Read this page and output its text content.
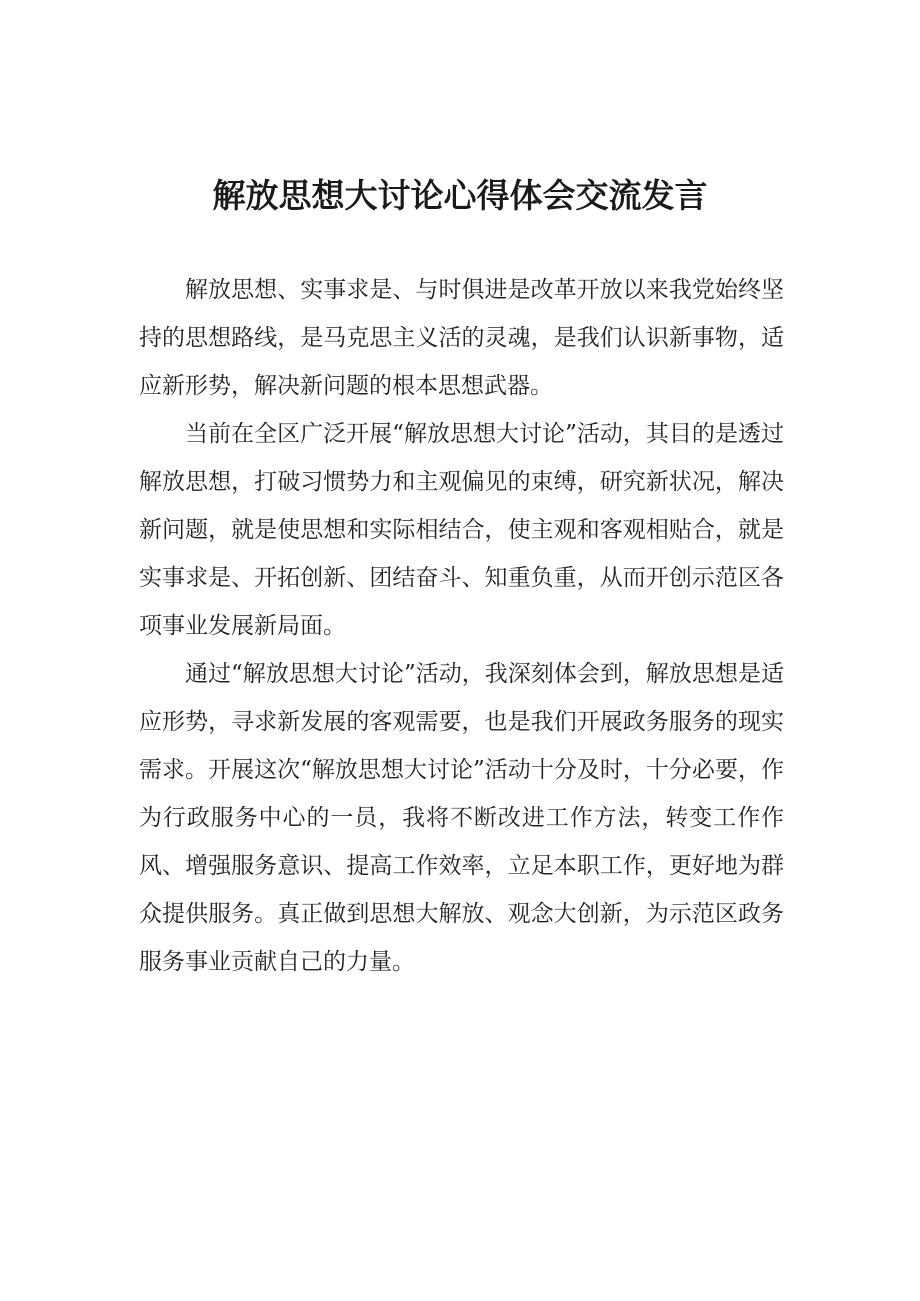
解放思想大讨论心得体会交流发言

解放思想、实事求是、与时俱进是改革开放以来我党始终坚持的思想路线，是马克思主义活的灵魂，是我们认识新事物，适应新形势，解决新问题的根本思想武器。

当前在全区广泛开展“解放思想大讨论”活动，其目的是透过解放思想，打破习惯势力和主观偏见的束缚，研究新状况，解决新问题，就是使思想和实际相结合，使主观和客观相贴合，就是实事求是、开拓创新、团结奋斗、知重负重，从而开创示范区各项事业发展新局面。

通过“解放思想大讨论”活动，我深刻体会到，解放思想是适应形势，寻求新发展的客观需要，也是我们开展政务服务的现实需求。开展这次“解放思想大讨论”活动十分及时，十分必要，作为行政服务中心的一员，我将不断改进工作方法，转变工作作风、增强服务意识、提高工作效率，立足本职工作，更好地为群众提供服务。真正做到思想大解放、观念大创新，为示范区政务服务事业贡献自己的力量。
